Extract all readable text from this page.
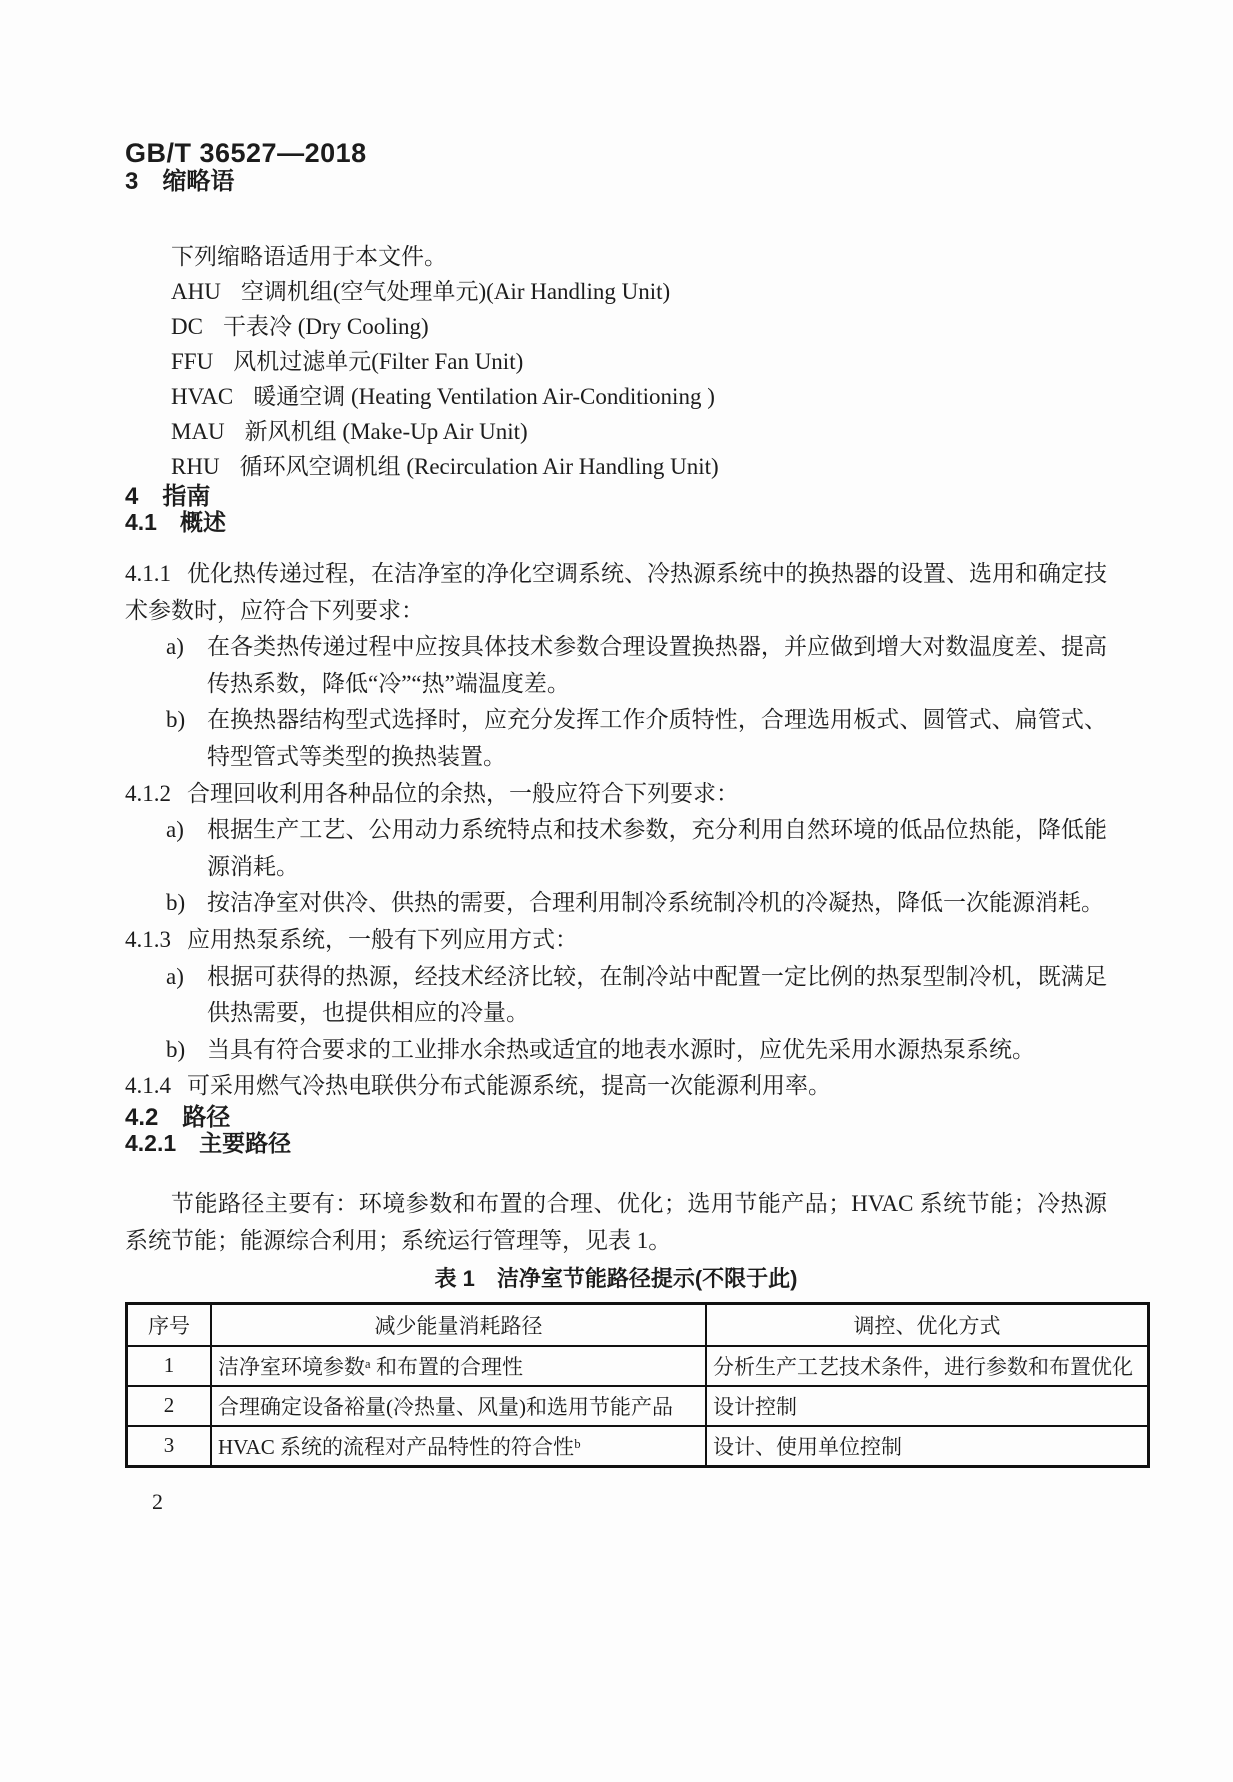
GB/T 36527—2018
3　缩略语

下列缩略语适用于本文件。

AHU 空调机组(空气处理单元)(Air Handling Unit)
DC 干表冷 (Dry Cooling)
FFU 风机过滤单元(Filter Fan Unit)
HVAC 暖通空调 (Heating Ventilation Air-Conditioning )
MAU 新风机组 (Make-Up Air Unit)
RHU 循环风空调机组 (Recirculation Air Handling Unit)
4　指南
4.1　概述

4.1.1 优化热传递过程，在洁净室的净化空调系统、冷热源系统中的换热器的设置、选用和确定技术参数时，应符合下列要求：

a) 在各类热传递过程中应按具体技术参数合理设置换热器，并应做到增大对数温度差、提高传热系数，降低“冷”“热”端温度差。
b) 在换热器结构型式选择时，应充分发挥工作介质特性，合理选用板式、圆管式、扁管式、特型管式等类型的换热装置。

4.1.2 合理回收利用各种品位的余热，一般应符合下列要求：

a) 根据生产工艺、公用动力系统特点和技术参数，充分利用自然环境的低品位热能，降低能源消耗。
b) 按洁净室对供冷、供热的需要，合理利用制冷系统制冷机的冷凝热，降低一次能源消耗。

4.1.3 应用热泵系统，一般有下列应用方式：

a) 根据可获得的热源，经技术经济比较，在制冷站中配置一定比例的热泵型制冷机，既满足供热需要，也提供相应的冷量。
b) 当具有符合要求的工业排水余热或适宜的地表水源时，应优先采用水源热泵系统。

4.1.4 可采用燃气冷热电联供分布式能源系统，提高一次能源利用率。

4.2　路径
4.2.1　主要路径

节能路径主要有：环境参数和布置的合理、优化；选用节能产品；HVAC 系统节能；冷热源系统节能；能源综合利用；系统运行管理等，见表 1。

表 1　洁净室节能路径提示(不限于此)
序号	减少能量消耗路径	调控、优化方式
1	洁净室环境参数ᵃ 和布置的合理性	分析生产工艺技术条件，进行参数和布置优化
2	合理确定设备裕量(冷热量、风量)和选用节能产品	设计控制
3	HVAC 系统的流程对产品特性的符合性ᵇ	设计、使用单位控制
2
